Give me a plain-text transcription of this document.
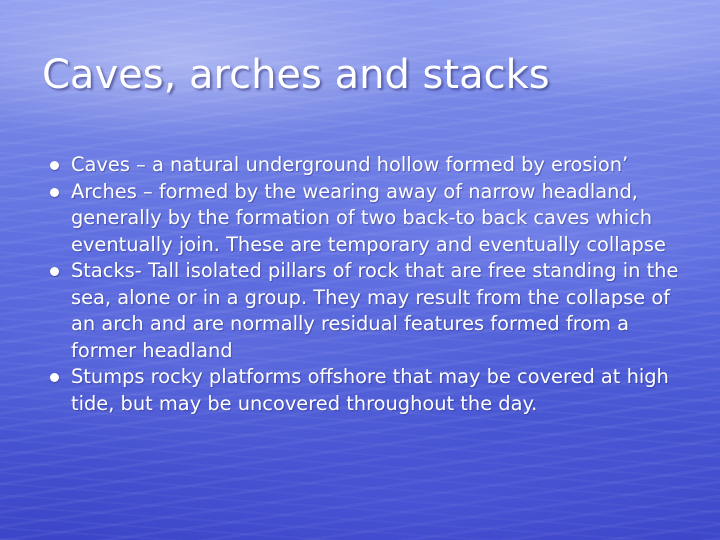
Caves, arches and stacks
Caves – a natural underground hollow formed by erosion’
Arches – formed by the wearing away of narrow headland, generally by the formation of two back-to back caves which eventually join. These are temporary and eventually collapse
Stacks- Tall isolated pillars of rock that are free standing in the sea, alone or in a group. They may result from the collapse of an arch and are normally residual features formed from a former headland
Stumps rocky platforms offshore that may be covered at high tide, but may be uncovered throughout the day.
